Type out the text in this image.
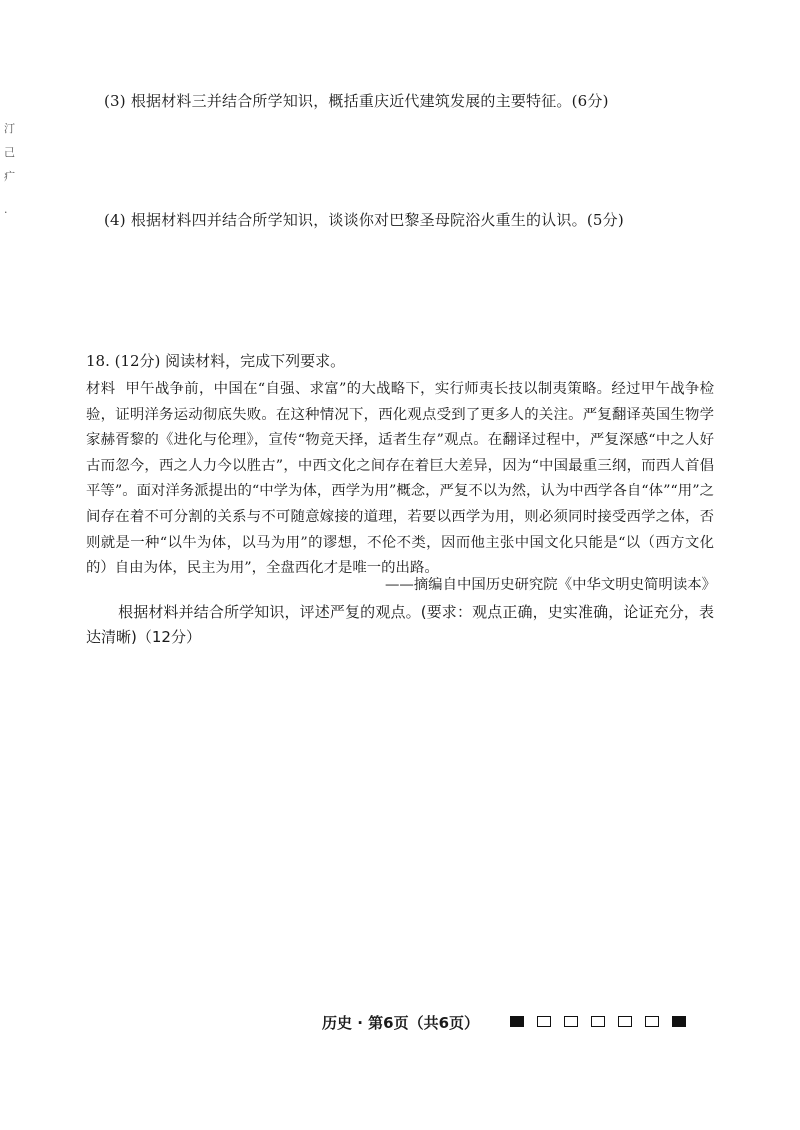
汀
己
疒
·
(3) 根据材料三并结合所学知识，概括重庆近代建筑发展的主要特征。(6分)
(4) 根据材料四并结合所学知识，谈谈你对巴黎圣母院浴火重生的认识。(5分)
18. (12分) 阅读材料，完成下列要求。
材料 甲午战争前，中国在“自强、求富”的大战略下，实行师夷长技以制夷策略。经过甲午战争检验，证明洋务运动彻底失败。在这种情况下，西化观点受到了更多人的关注。严复翻译英国生物学家赫胥黎的《进化与伦理》，宣传“物竞天择，适者生存”观点。在翻译过程中，严复深感“中之人好古而忽今，西之人力今以胜古”，中西文化之间存在着巨大差异，因为“中国最重三纲，而西人首倡平等”。面对洋务派提出的“中学为体，西学为用”概念，严复不以为然，认为中西学各自“体”“用”之间存在着不可分割的关系与不可随意嫁接的道理，若要以西学为用，则必须同时接受西学之体，否则就是一种“以牛为体，以马为用”的谬想，不伦不类，因而他主张中国文化只能是“以（西方文化的）自由为体，民主为用”，全盘西化才是唯一的出路。
——摘编自中国历史研究院《中华文明史简明读本》
根据材料并结合所学知识，评述严复的观点。(要求：观点正确，史实准确，论证充分，表达清晰)（12分）
历史 · 第6页（共6页）
